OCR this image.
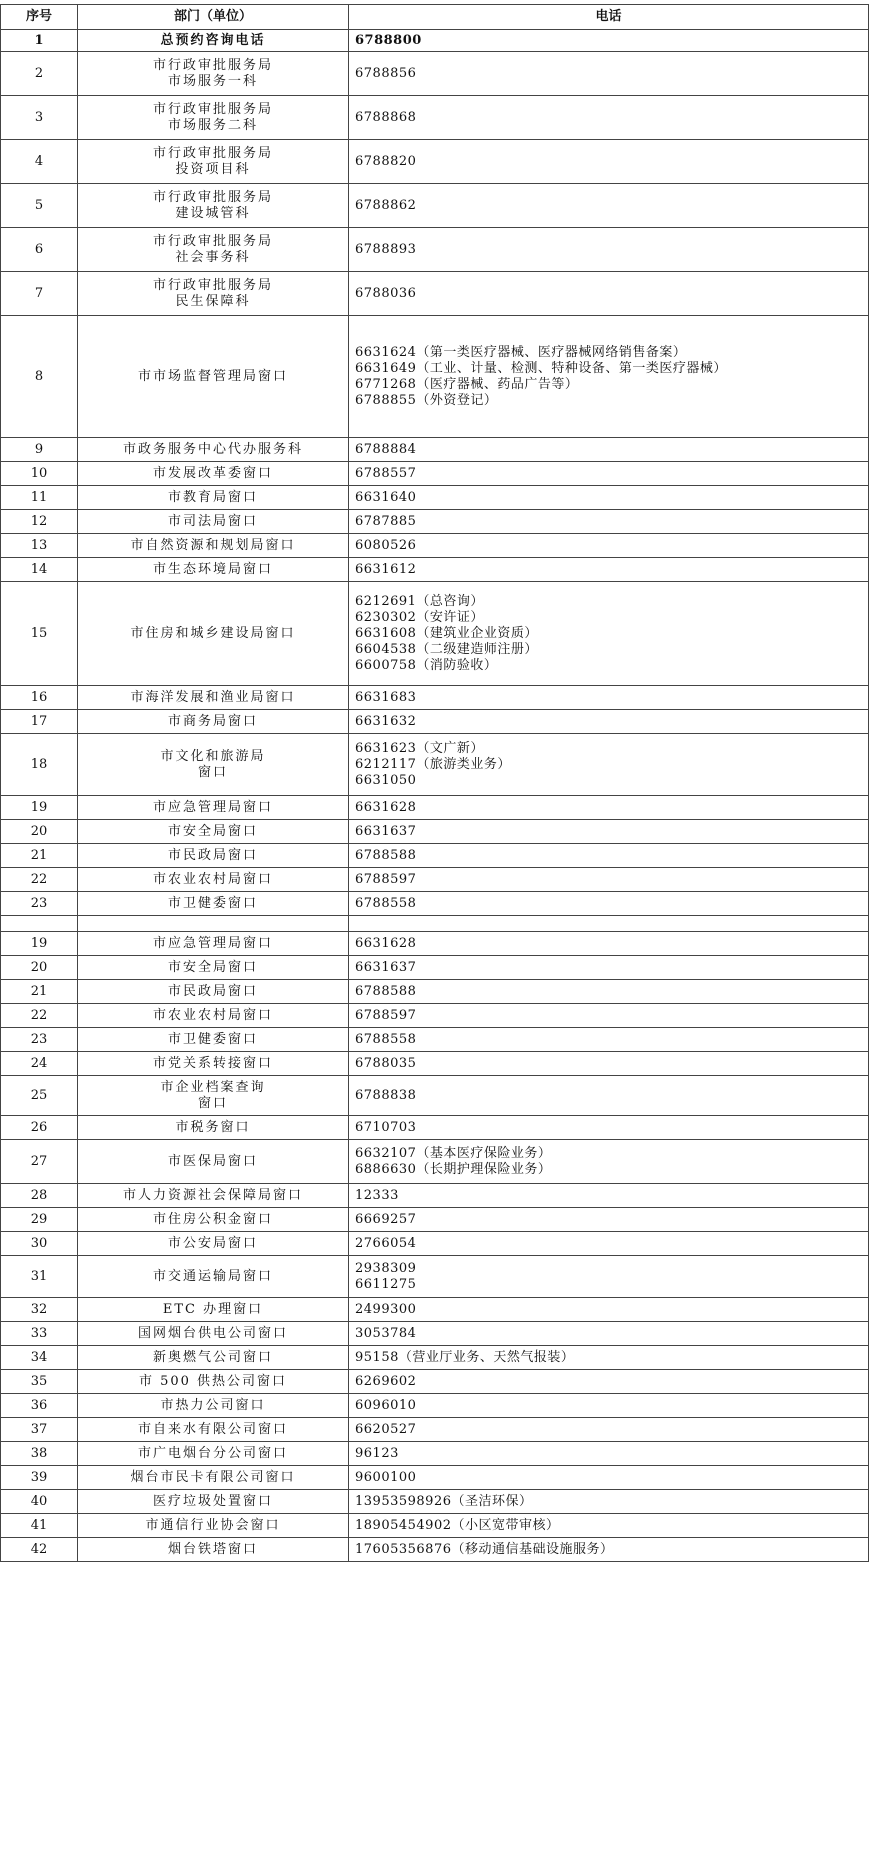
序号	部门（单位）	电话
1	总预约咨询电话	6788800

2	市行政审批服务局
市场服务一科	6788856

3	市行政审批服务局
市场服务二科	6788868

4	市行政审批服务局
投资项目科	6788820

5	市行政审批服务局
建设城管科	6788862

6	市行政审批服务局
社会事务科	6788893

7	市行政审批服务局
民生保障科	6788036

8	市市场监督管理局窗口	6631624（第一类医疗器械、医疗器械网络销售备案）
6631649（工业、计量、检测、特种设备、第一类医疗器械）
6771268（医疗器械、药品广告等）
6788855（外资登记）

9	市政务服务中心代办服务科	6788884

10	市发展改革委窗口	6788557

11	市教育局窗口	6631640

12	市司法局窗口	6787885

13	市自然资源和规划局窗口	6080526

14	市生态环境局窗口	6631612

15	市住房和城乡建设局窗口	6212691（总咨询）
6230302（安许证）
6631608（建筑业企业资质）
6604538（二级建造师注册）
6600758（消防验收）

16	市海洋发展和渔业局窗口	6631683

17	市商务局窗口	6631632

18	市文化和旅游局
窗口	6631623（文广新）
6212117（旅游类业务）
6631050

19	市应急管理局窗口	6631628

20	市安全局窗口	6631637

21	市民政局窗口	6788588

22	市农业农村局窗口	6788597

23	市卫健委窗口	6788558

19	市应急管理局窗口	6631628

20	市安全局窗口	6631637

21	市民政局窗口	6788588

22	市农业农村局窗口	6788597

23	市卫健委窗口	6788558

24	市党关系转接窗口	6788035

25	市企业档案查询
窗口	6788838

26	市税务窗口	6710703

27	市医保局窗口	6632107（基本医疗保险业务）
6886630（长期护理保险业务）

28	市人力资源社会保障局窗口	12333

29	市住房公积金窗口	6669257

30	市公安局窗口	2766054

31	市交通运输局窗口	2938309
6611275

32	ETC 办理窗口	2499300

33	国网烟台供电公司窗口	3053784

34	新奥燃气公司窗口	95158（营业厅业务、天然气报装）

35	市 500 供热公司窗口	6269602

36	市热力公司窗口	6096010

37	市自来水有限公司窗口	6620527

38	市广电烟台分公司窗口	96123

39	烟台市民卡有限公司窗口	9600100

40	医疗垃圾处置窗口	13953598926（圣洁环保）

41	市通信行业协会窗口	18905454902（小区宽带审核）

42	烟台铁塔窗口	17605356876（移动通信基础设施服务）
